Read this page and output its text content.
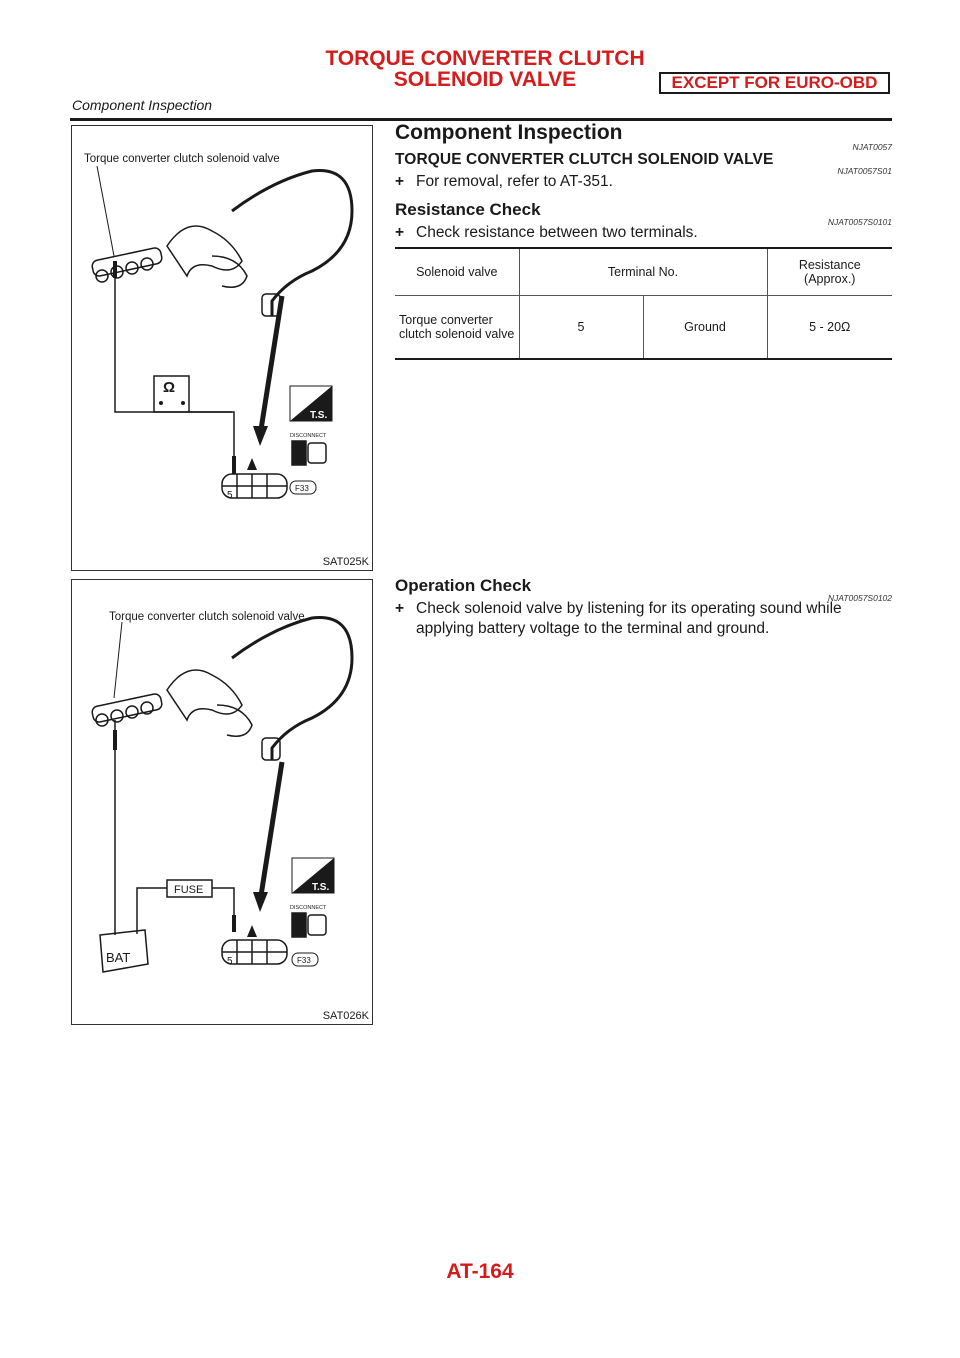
TORQUE CONVERTER CLUTCH
SOLENOID VALVE	EXCEPT FOR EURO-OBD
Component Inspection
Torque converter clutch solenoid valve
Ω
T.S.
DISCONNECT
5
F33
SAT025K
Torque converter clutch solenoid valve
FUSE
BAT
T.S.
DISCONNECT
5	F33
SAT026K
Component Inspection
NJAT0057
TORQUE CONVERTER CLUTCH SOLENOID VALVE
NJAT0057S01
+ For removal, refer to AT-351.
Resistance Check
NJAT0057S0101
+ Check resistance between two terminals.
Solenoid valve	Terminal No.		Resistance (Approx.)
Torque converter clutch solenoid valve	5	Ground	5 - 20Ω
Operation Check
NJAT0057S0102
+ Check solenoid valve by listening for its operating sound while applying battery voltage to the terminal and ground.
AT-164
